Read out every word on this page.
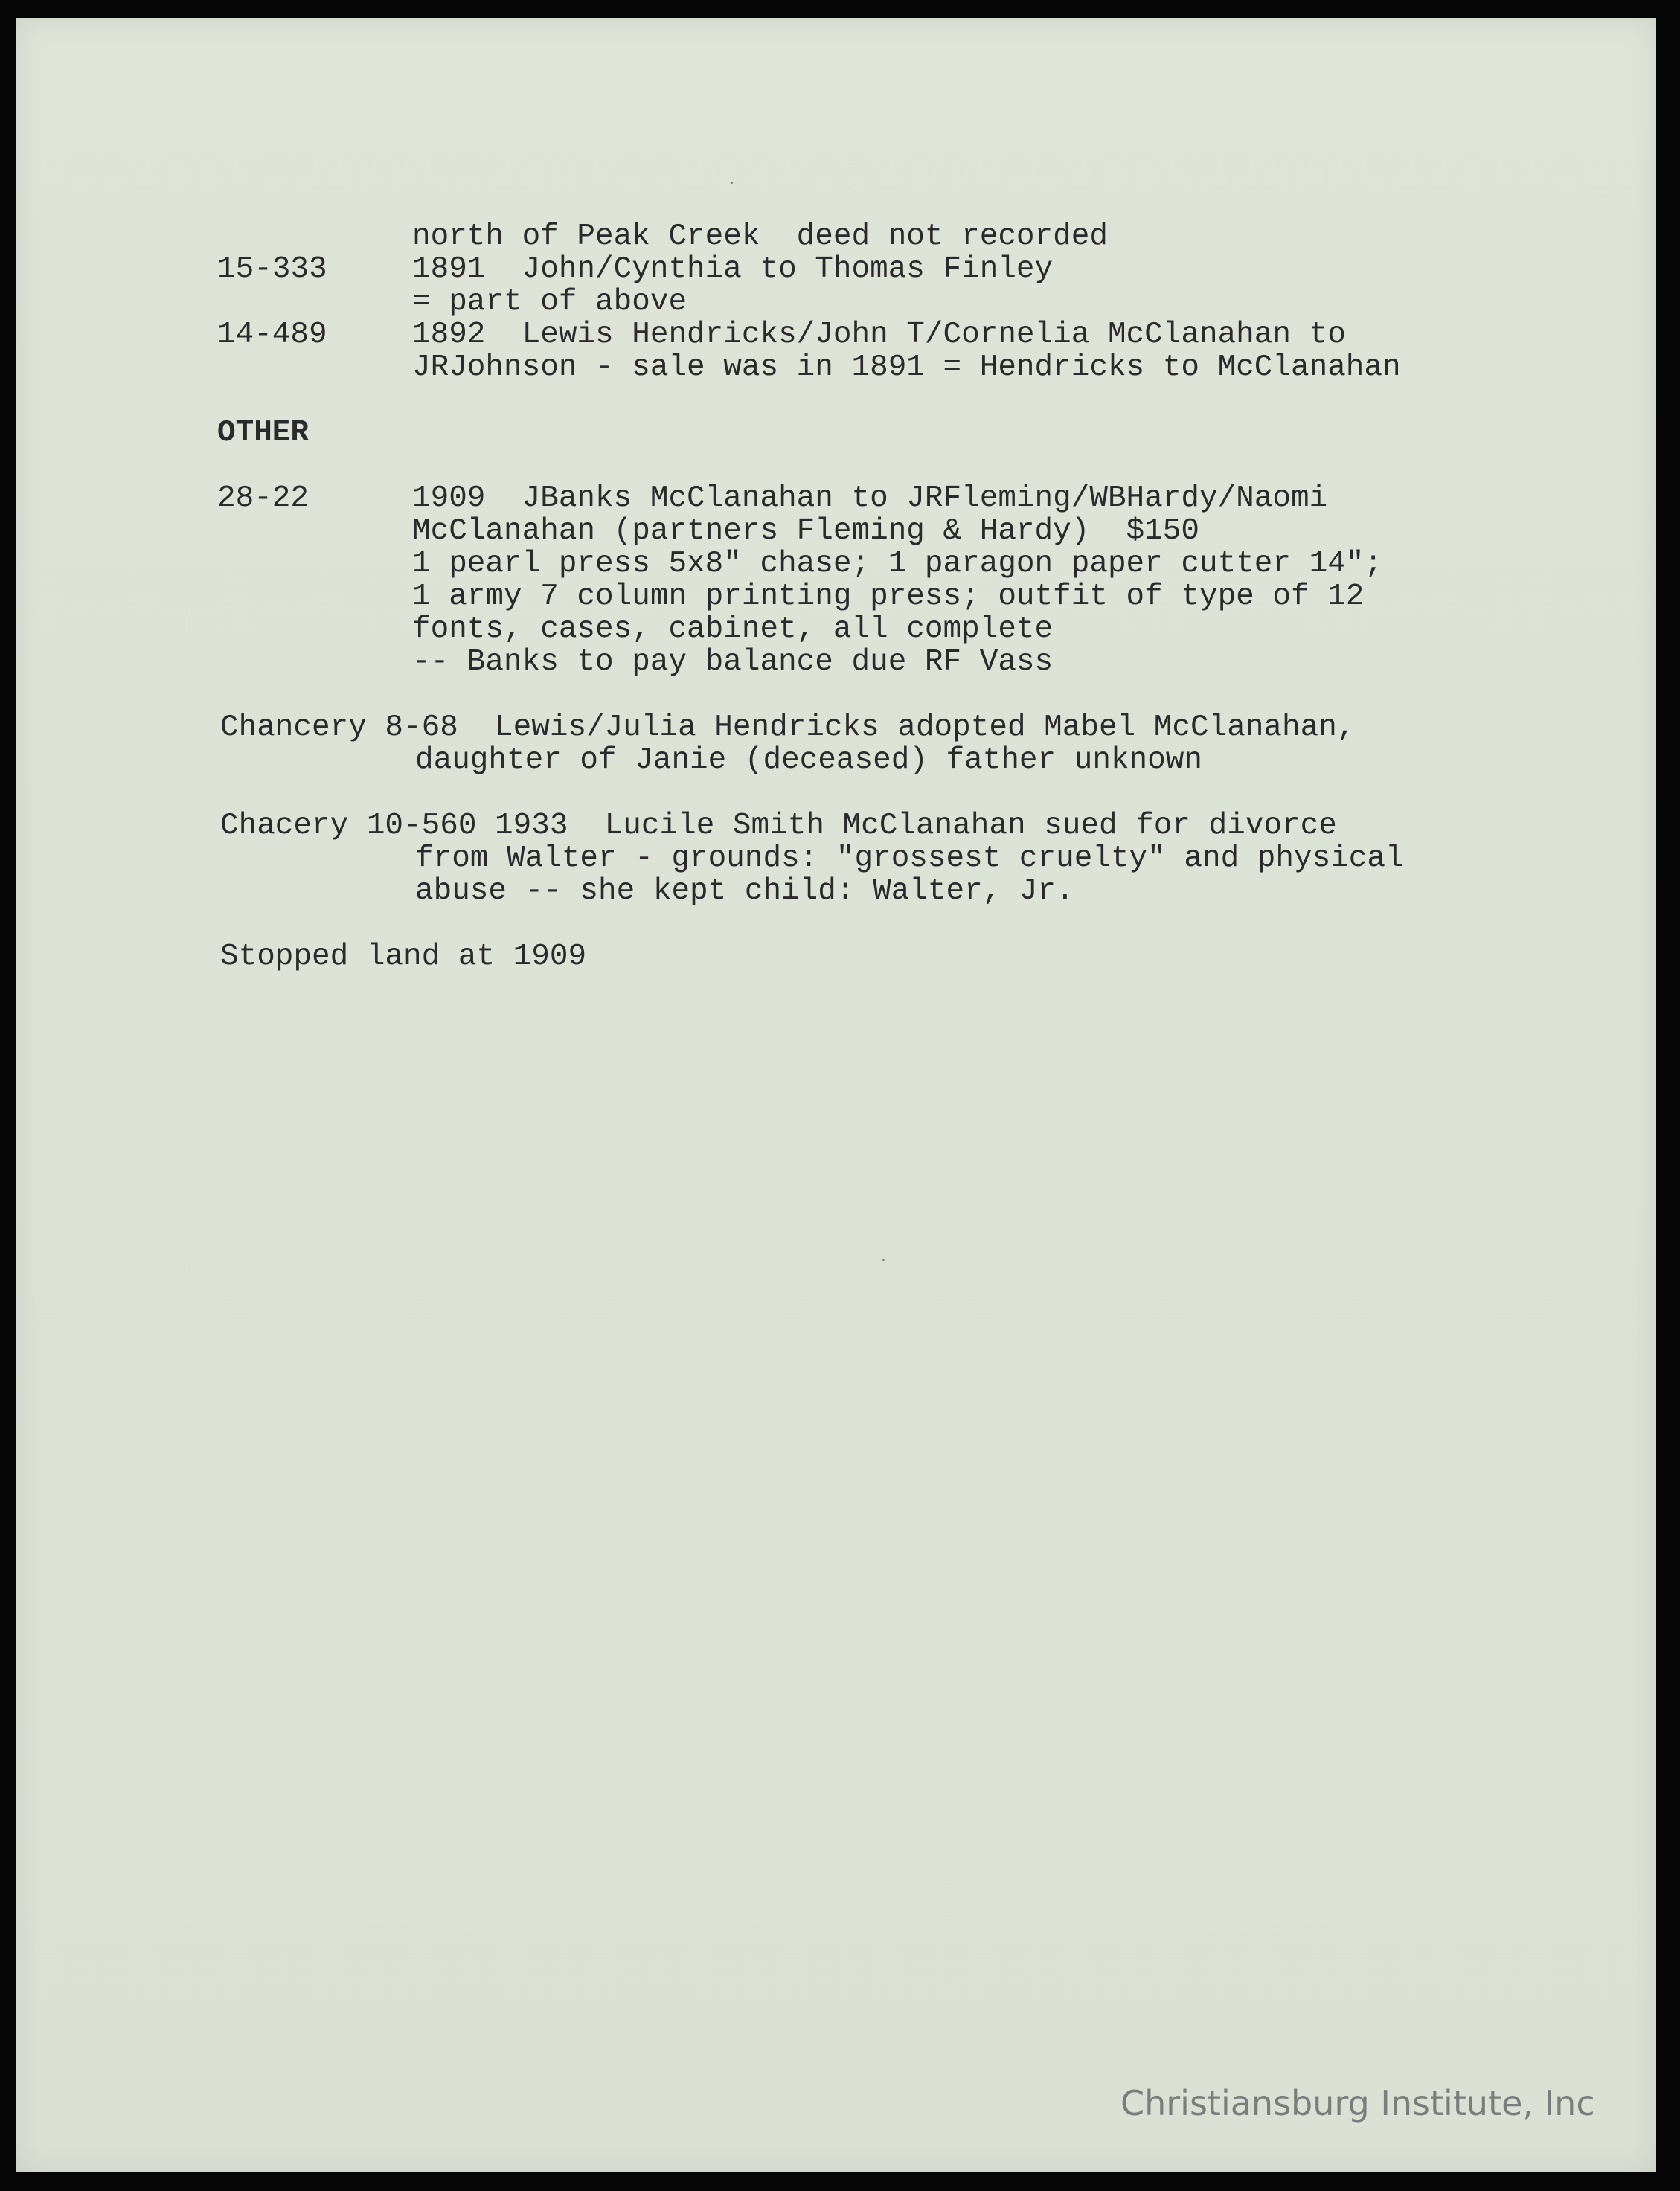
north of Peak Creek  deed not recorded
15-333	1891  John/Cynthia to Thomas Finley
= part of above
14-489	1892  Lewis Hendricks/John T/Cornelia McClanahan to
JRJohnson - sale was in 1891 = Hendricks to McClanahan
OTHER
28-22	1909  JBanks McClanahan to JRFleming/WBHardy/Naomi
McClanahan (partners Fleming & Hardy)  $150
1 pearl press 5x8" chase; 1 paragon paper cutter 14";
1 army 7 column printing press; outfit of type of 12
fonts, cases, cabinet, all complete
-- Banks to pay balance due RF Vass
Chancery 8-68  Lewis/Julia Hendricks adopted Mabel McClanahan,
daughter of Janie (deceased) father unknown
Chacery 10-560 1933  Lucile Smith McClanahan sued for divorce
from Walter - grounds: "grossest cruelty" and physical
abuse -- she kept child: Walter, Jr.
Stopped land at 1909
Christiansburg Institute, Inc
